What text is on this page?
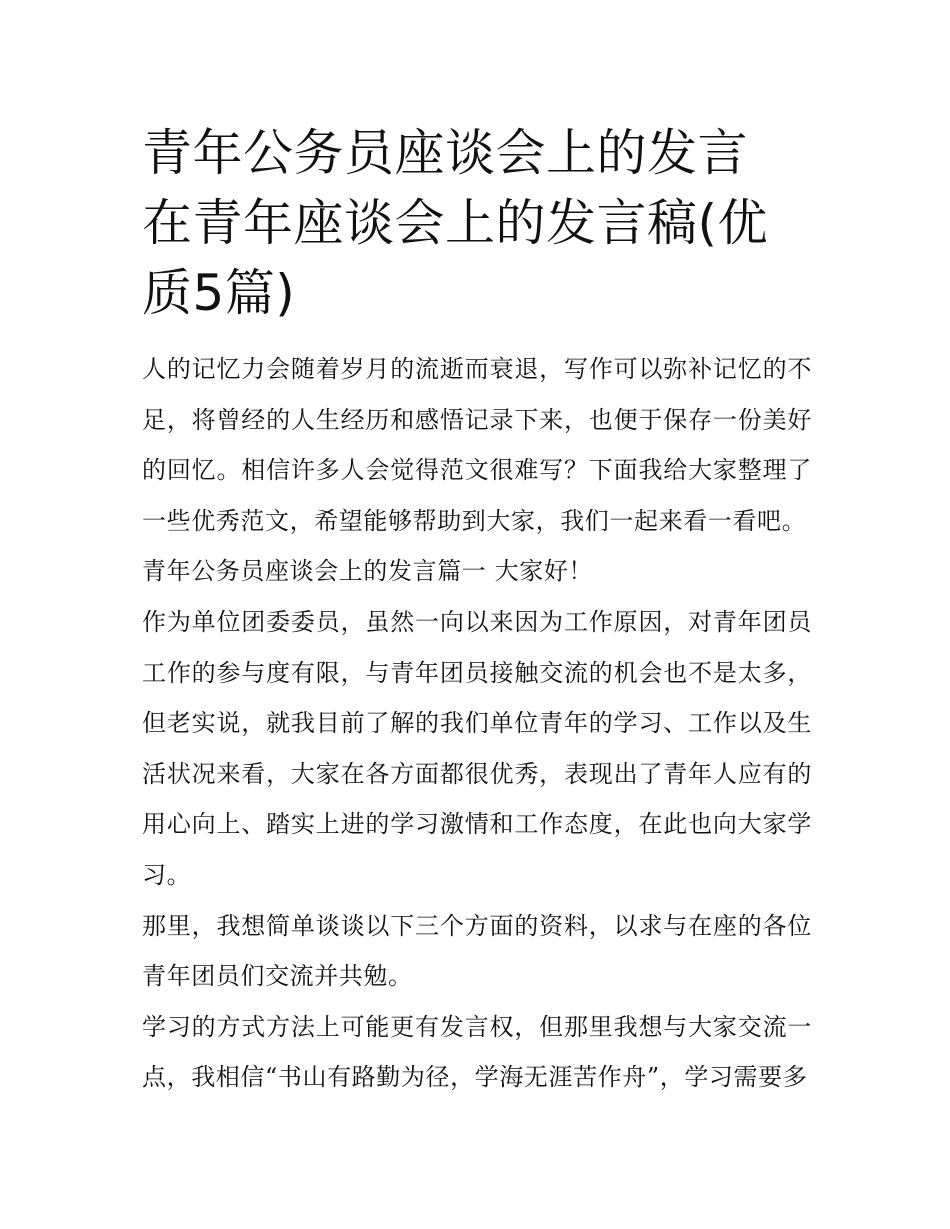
青年公务员座谈会上的发言 在青年座谈会上的发言稿(优质5篇)

人的记忆力会随着岁月的流逝而衰退，写作可以弥补记忆的不足，将曾经的人生经历和感悟记录下来，也便于保存一份美好的回忆。相信许多人会觉得范文很难写？下面我给大家整理了一些优秀范文，希望能够帮助到大家，我们一起来看一看吧。

青年公务员座谈会上的发言篇一 大家好！

作为单位团委委员，虽然一向以来因为工作原因，对青年团员工作的参与度有限，与青年团员接触交流的机会也不是太多，但老实说，就我目前了解的我们单位青年的学习、工作以及生活状况来看，大家在各方面都很优秀，表现出了青年人应有的用心向上、踏实上进的学习激情和工作态度，在此也向大家学习。

那里，我想简单谈谈以下三个方面的资料，以求与在座的各位青年团员们交流并共勉。

学习的方式方法上可能更有发言权，但那里我想与大家交流一点，我相信“书山有路勤为径，学海无涯苦作舟”，学习需要多
